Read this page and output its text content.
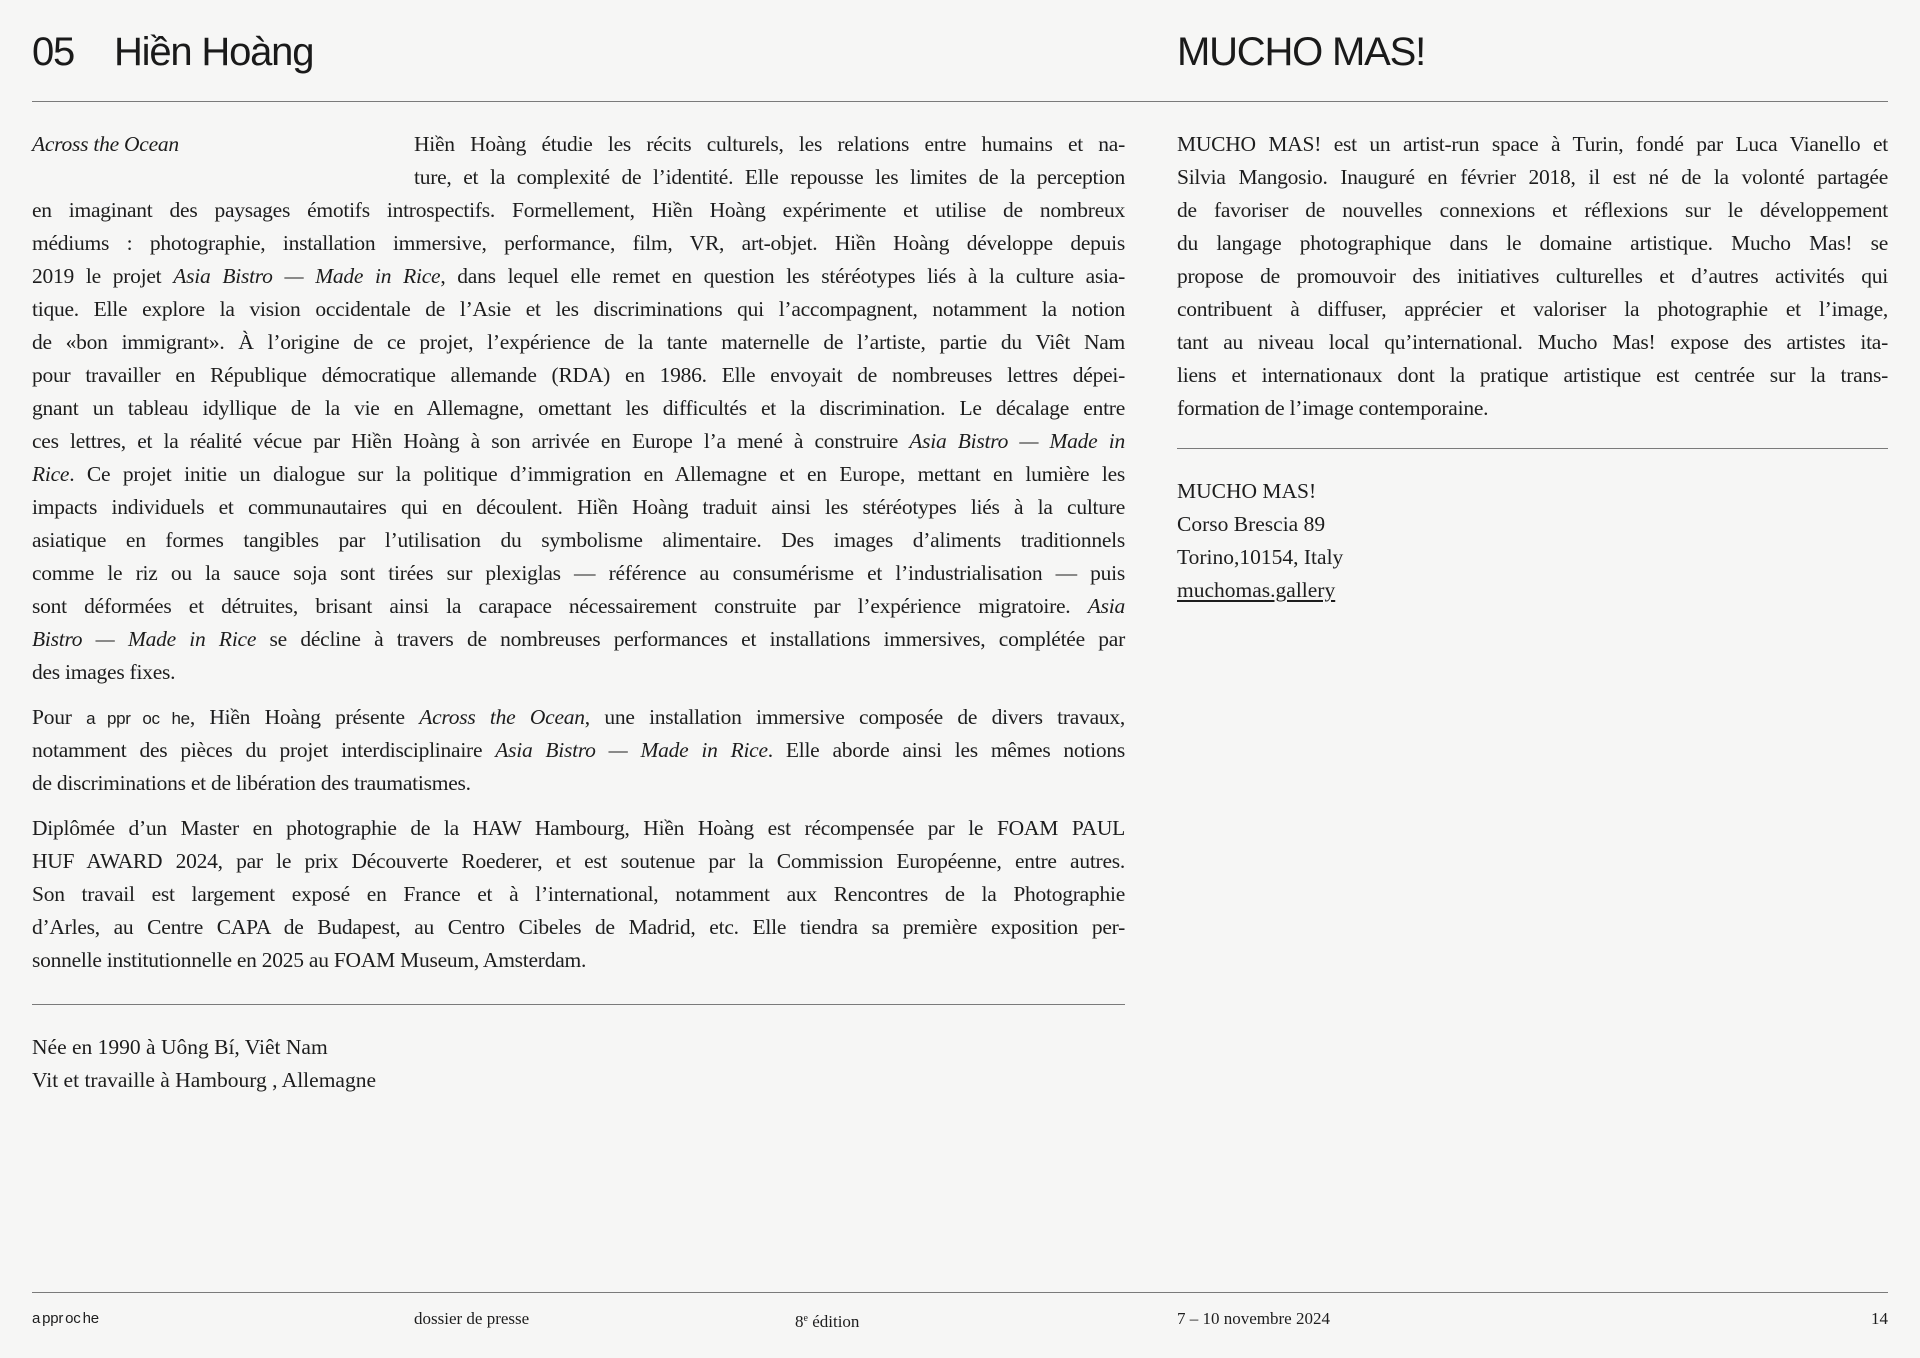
05 Hiền Hoàng	MUCHO MAS!
Across the Ocean	Hiền Hoàng étudie les récits culturels, les relations entre humains et na-
ture, et la complexité de l’identité. Elle repousse les limites de la perception
en imaginant des paysages émotifs introspectifs. Formellement, Hiền Hoàng expérimente et utilise de nombreux
médiums : photographie, installation immersive, performance, film, VR, art-objet. Hiền Hoàng développe depuis
2019 le projet Asia Bistro — Made in Rice, dans lequel elle remet en question les stéréotypes liés à la culture asia-
tique. Elle explore la vision occidentale de l’Asie et les discriminations qui l’accompagnent, notamment la notion
de «bon immigrant». À l’origine de ce projet, l’expérience de la tante maternelle de l’artiste, partie du Viêt Nam
pour travailler en République démocratique allemande (RDA) en 1986. Elle envoyait de nombreuses lettres dépei-
gnant un tableau idyllique de la vie en Allemagne, omettant les difficultés et la discrimination. Le décalage entre
ces lettres, et la réalité vécue par Hiền Hoàng à son arrivée en Europe l’a mené à construire Asia Bistro — Made in
Rice. Ce projet initie un dialogue sur la politique d’immigration en Allemagne et en Europe, mettant en lumière les
impacts individuels et communautaires qui en découlent. Hiền Hoàng traduit ainsi les stéréotypes liés à la culture
asiatique en formes tangibles par l’utilisation du symbolisme alimentaire. Des images d’aliments traditionnels
comme le riz ou la sauce soja sont tirées sur plexiglas — référence au consumérisme et l’industrialisation — puis
sont déformées et détruites, brisant ainsi la carapace nécessairement construite par l’expérience migratoire. Asia
Bistro — Made in Rice se décline à travers de nombreuses performances et installations immersives, complétée par
des images fixes.
Pour a ppr oc he, Hiền Hoàng présente Across the Ocean, une installation immersive composée de divers travaux,
notamment des pièces du projet interdisciplinaire Asia Bistro — Made in Rice. Elle aborde ainsi les mêmes notions
de discriminations et de libération des traumatismes.
Diplômée d’un Master en photographie de la HAW Hambourg, Hiền Hoàng est récompensée par le FOAM PAUL
HUF AWARD 2024, par le prix Découverte Roederer, et est soutenue par la Commission Européenne, entre autres.
Son travail est largement exposé en France et à l’international, notamment aux Rencontres de la Photographie
d’Arles, au Centre CAPA de Budapest, au Centro Cibeles de Madrid, etc. Elle tiendra sa première exposition per-
sonnelle institutionnelle en 2025 au FOAM Museum, Amsterdam.
Née en 1990 à Uông Bí, Viêt Nam
Vit et travaille à Hambourg , Allemagne
MUCHO MAS! est un artist-run space à Turin, fondé par Luca Vianello et
Silvia Mangosio. Inauguré en février 2018, il est né de la volonté partagée
de favoriser de nouvelles connexions et réflexions sur le développement
du langage photographique dans le domaine artistique. Mucho Mas! se
propose de promouvoir des initiatives culturelles et d’autres activités qui
contribuent à diffuser, apprécier et valoriser la photographie et l’image,
tant au niveau local qu’international. Mucho Mas! expose des artistes ita-
liens et internationaux dont la pratique artistique est centrée sur la trans-
formation de l’image contemporaine.
MUCHO MAS!
Corso Brescia 89
Torino,10154, Italy
muchomas.gallery
a ppr oc he	dossier de presse	8e édition	7 – 10 novembre 2024	14
